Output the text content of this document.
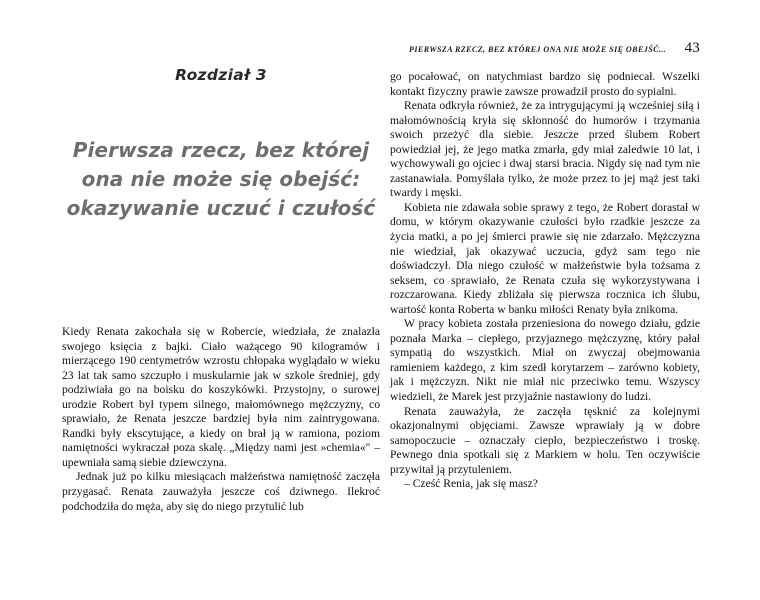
PIERWSZA RZECZ, BEZ KTÓREJ ONA NIE MOŻE SIĘ OBEJŚĆ... 43
Rozdział 3
Pierwsza rzecz, bez której
ona nie może się obejść:
okazywanie uczuć i czułość

Kiedy Renata zakochała się w Robercie, wiedziała, że znalazła swojego księcia z bajki. Ciało ważącego 90 kilogramów i mierzącego 190 centymetrów wzrostu chłopaka wyglądało w wieku 23 lat tak samo szczupło i muskularnie jak w szkole średniej, gdy podziwiała go na boisku do koszykówki. Przystojny, o surowej urodzie Robert był typem silnego, małomównego mężczyzny, co sprawiało, że Renata jeszcze bardziej była nim zaintrygowana. Randki były ekscytujące, a kiedy on brał ją w ramiona, poziom namiętności wykraczał poza skalę. „Między nami jest »chemia«" – upewniała samą siebie dziewczyna.

Jednak już po kilku miesiącach małżeństwa namiętność zaczęła przygasać. Renata zauważyła jeszcze coś dziwnego. Ilekroć podchodziła do męża, aby się do niego przytulić lub

go pocałować, on natychmiast bardzo się podniecał. Wszelki kontakt fizyczny prawie zawsze prowadził prosto do sypialni.

Renata odkryła również, że za intrygującymi ją wcześniej siłą i małomównością kryła się skłonność do humorów i trzymania swoich przeżyć dla siebie. Jeszcze przed ślubem Robert powiedział jej, że jego matka zmarła, gdy miał zaledwie 10 lat, i wychowywali go ojciec i dwaj starsi bracia. Nigdy się nad tym nie zastanawiała. Pomyślała tylko, że może przez to jej mąż jest taki twardy i męski.

Kobieta nie zdawała sobie sprawy z tego, że Robert dorastał w domu, w którym okazywanie czułości było rzadkie jeszcze za życia matki, a po jej śmierci prawie się nie zdarzało. Mężczyzna nie wiedział, jak okazywać uczucia, gdyż sam tego nie doświadczył. Dla niego czułość w małżeństwie była tożsama z seksem, co sprawiało, że Renata czuła się wykorzystywana i rozczarowana. Kiedy zbliżała się pierwsza rocznica ich ślubu, wartość konta Roberta w banku miłości Renaty była znikoma.

W pracy kobieta została przeniesiona do nowego działu, gdzie poznała Marka – ciepłego, przyjaznego mężczyznę, który pałał sympatią do wszystkich. Miał on zwyczaj obejmowania ramieniem każdego, z kim szedł korytarzem – zarówno kobiety, jak i mężczyzn. Nikt nie miał nic przeciwko temu. Wszyscy wiedzieli, że Marek jest przyjaźnie nastawiony do ludzi.

Renata zauważyła, że zaczęła tęsknić za kolejnymi okazjonalnymi objęciami. Zawsze wprawiały ją w dobre samopoczucie – oznaczały ciepło, bezpieczeństwo i troskę. Pewnego dnia spotkali się z Markiem w holu. Ten oczywiście przywitał ją przytuleniem.

– Cześć Renia, jak się masz?
